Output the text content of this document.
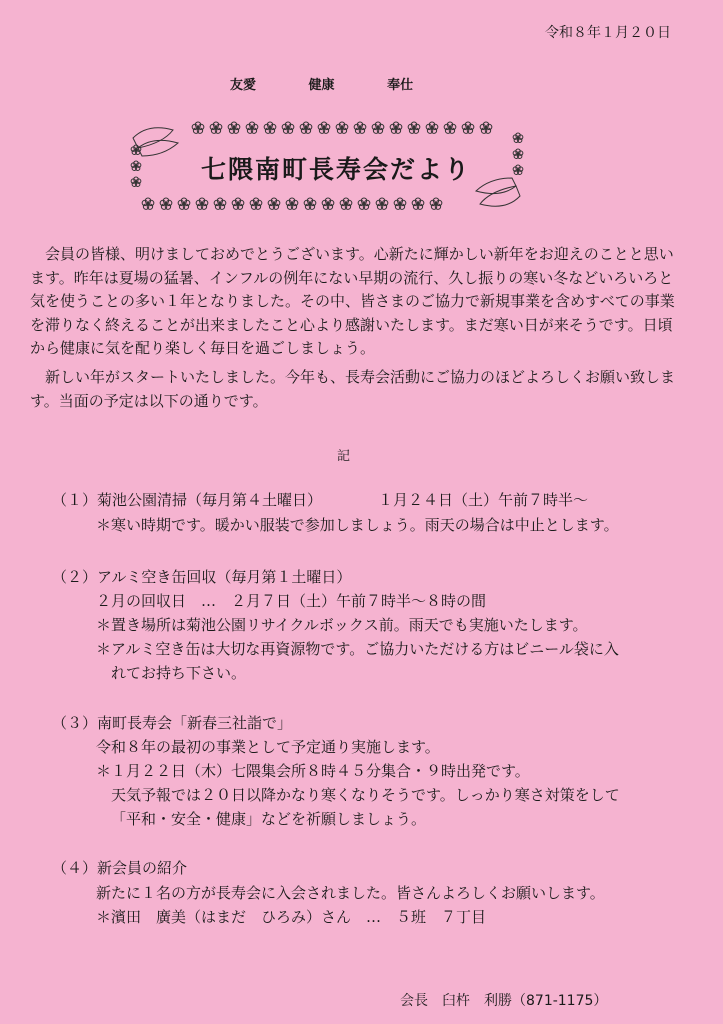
令和８年１月２０日
友愛	健康	奉仕
七隈南町長寿会だより
会員の皆様、明けましておめでとうございます。心新たに輝かしい新年をお迎えのことと思います。昨年は夏場の猛暑、インフルの例年にない早期の流行、久し振りの寒い冬などいろいろと気を使うことの多い１年となりました。その中、皆さまのご協力で新規事業を含めすべての事業を滞りなく終えることが出来ましたこと心より感謝いたします。まだ寒い日が来そうです。日頃から健康に気を配り楽しく毎日を過ごしましょう。
新しい年がスタートいたしました。今年も、長寿会活動にご協力のほどよろしくお願い致します。当面の予定は以下の通りです。
記
（１）菊池公園清掃（毎月第４土曜日）	１月２４日（土）午前７時半～
＊寒い時期です。暖かい服装で参加しましょう。雨天の場合は中止とします。
（２）アルミ空き缶回収（毎月第１土曜日）
２月の回収日　…　２月７日（土）午前７時半～８時の間
＊置き場所は菊池公園リサイクルボックス前。雨天でも実施いたします。
＊アルミ空き缶は大切な再資源物です。ご協力いただける方はビニール袋に入
れてお持ち下さい。
（３）南町長寿会「新春三社詣で」
令和８年の最初の事業として予定通り実施します。
＊１月２２日（木）七隈集会所８時４５分集合・９時出発です。
天気予報では２０日以降かなり寒くなりそうです。しっかり寒さ対策をして
「平和・安全・健康」などを祈願しましょう。
（４）新会員の紹介
新たに１名の方が長寿会に入会されました。皆さんよろしくお願いします。
＊濱田　廣美（はまだ　ひろみ）さん　…　５班　７丁目
会長　臼杵　利勝（871-1175）
